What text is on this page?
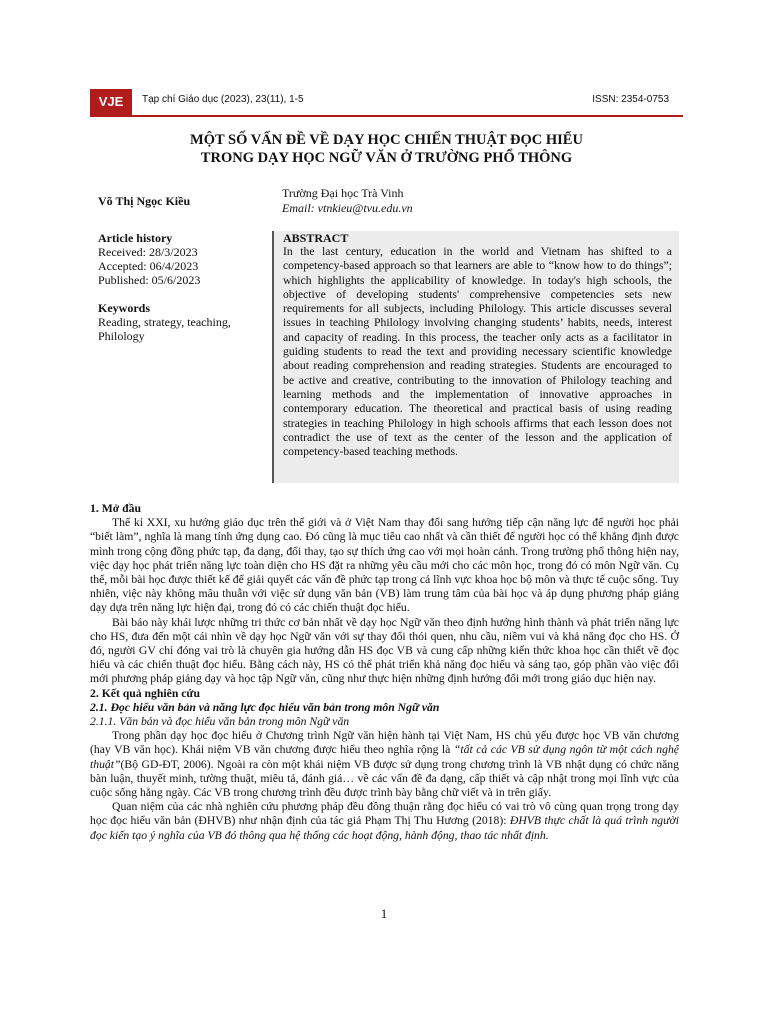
VJE	Tạp chí Giáo dục (2023), 23(11), 1-5	ISSN: 2354-0753
MỘT SỐ VẤN ĐỀ VỀ DẠY HỌC CHIẾN THUẬT ĐỌC HIỂU
TRONG DẠY HỌC NGỮ VĂN Ở TRƯỜNG PHỔ THÔNG
Võ Thị Ngọc Kiều
Trường Đại học Trà Vinh
Email: vtnkieu@tvu.edu.vn
Article history
Received: 28/3/2023
Accepted: 06/4/2023
Published: 05/6/2023
Keywords
Reading, strategy, teaching, Philology
ABSTRACT

In the last century, education in the world and Vietnam has shifted to a competency-based approach so that learners are able to “know how to do things”; which highlights the applicability of knowledge. In today's high schools, the objective of developing students' comprehensive competencies sets new requirements for all subjects, including Philology. This article discusses several issues in teaching Philology involving changing students’ habits, needs, interest and capacity of reading. In this process, the teacher only acts as a facilitator in guiding students to read the text and providing necessary scientific knowledge about reading comprehension and reading strategies. Students are encouraged to be active and creative, contributing to the innovation of Philology teaching and learning methods and the implementation of innovative approaches in contemporary education. The theoretical and practical basis of using reading strategies in teaching Philology in high schools affirms that each lesson does not contradict the use of text as the center of the lesson and the application of competency-based teaching methods.

1. Mở đầu

Thế kỉ XXI, xu hướng giáo dục trên thế giới và ở Việt Nam thay đổi sang hướng tiếp cận năng lực để người học phải “biết làm”, nghĩa là mang tính ứng dụng cao. Đó cũng là mục tiêu cao nhất và cần thiết để người học có thể khẳng định được mình trong cộng đồng phức tạp, đa dạng, đổi thay, tạo sự thích ứng cao với mọi hoàn cảnh. Trong trường phổ thông hiện nay, việc dạy học phát triển năng lực toàn diện cho HS đặt ra những yêu cầu mới cho các môn học, trong đó có môn Ngữ văn. Cụ thể, mỗi bài học được thiết kế để giải quyết các vấn đề phức tạp trong cả lĩnh vực khoa học bộ môn và thực tế cuộc sống. Tuy nhiên, việc này không mâu thuẫn với việc sử dụng văn bản (VB) làm trung tâm của bài học và áp dụng phương pháp giảng dạy dựa trên năng lực hiện đại, trong đó có các chiến thuật đọc hiểu.

Bài báo này khái lược những tri thức cơ bản nhất về dạy học Ngữ văn theo định hướng hình thành và phát triển năng lực cho HS, đưa đến một cái nhìn về dạy học Ngữ văn với sự thay đổi thói quen, nhu cầu, niềm vui và khả năng đọc cho HS. Ở đó, người GV chỉ đóng vai trò là chuyên gia hướng dẫn HS đọc VB và cung cấp những kiến thức khoa học cần thiết về đọc hiểu và các chiến thuật đọc hiểu. Bằng cách này, HS có thể phát triển khả năng đọc hiểu và sáng tạo, góp phần vào việc đổi mới phương pháp giảng dạy và học tập Ngữ văn, cũng như thực hiện những định hướng đổi mới trong giáo dục hiện nay.

2. Kết quả nghiên cứu
2.1. Đọc hiểu văn bản và năng lực đọc hiểu văn bản trong môn Ngữ văn
2.1.1. Văn bản và đọc hiểu văn bản trong môn Ngữ văn

Trong phần dạy học đọc hiểu ở Chương trình Ngữ văn hiện hành tại Việt Nam, HS chủ yếu được học VB văn chương (hay VB văn học). Khái niệm VB văn chương được hiểu theo nghĩa rộng là “tất cả các VB sử dụng ngôn từ một cách nghệ thuật”(Bộ GD-ĐT, 2006). Ngoài ra còn một khái niệm VB được sử dụng trong chương trình là VB nhật dụng có chức năng bàn luận, thuyết minh, tường thuật, miêu tả, đánh giá… về các vấn đề đa dạng, cấp thiết và cập nhật trong mọi lĩnh vực của cuộc sống hằng ngày. Các VB trong chương trình đều được trình bày bằng chữ viết và in trên giấy.

Quan niệm của các nhà nghiên cứu phương pháp đều đồng thuận rằng đọc hiểu có vai trò vô cùng quan trọng trong dạy học đọc hiểu văn bản (ĐHVB) như nhận định của tác giả Phạm Thị Thu Hương (2018): ĐHVB thực chất là quá trình người đọc kiến tạo ý nghĩa của VB đó thông qua hệ thống các hoạt động, hành động, thao tác nhất định.

1
